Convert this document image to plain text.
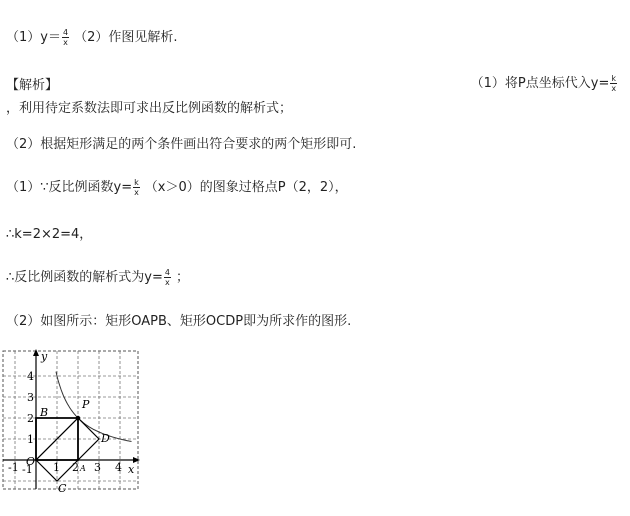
$(1)y= \frac{4}{x} (2)$作图见解析.
【解析】	（1）将P点坐标代入$y= \frac{k}{x}$
，利用待定系数法即可求出反比例函数的解析式；
（2）根据矩形满足的两个条件画出符合要求的两个矩形即可.
（1）∵反比例函数$y= \frac{k}{x} (x>0)$的图象过格点P（2，2），
∴k=2×2=4，
∴反比例函数的解析式为$y= \frac{4}{x}$ ；
（2）如图所示：矩形OAPB、矩形OCDP即为所求作的图形.
y
x
4
3
2
1
-1	1 2 A 3 4
-1
O
B
P
D
C
